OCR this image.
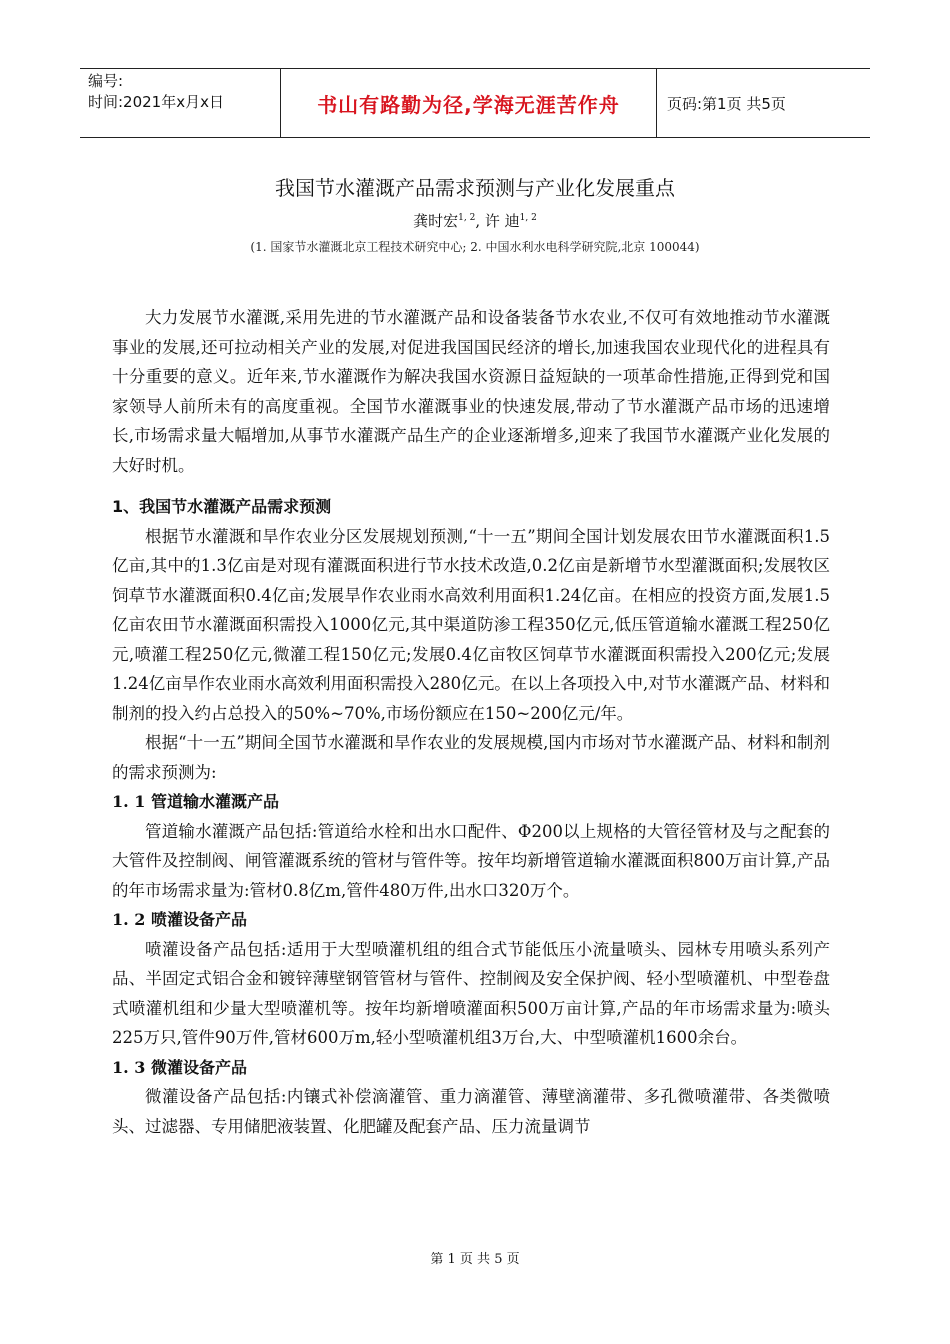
编号:
时间:2021年x月x日	书山有路勤为径,学海无涯苦作舟	页码:第1页 共5页
我国节水灌溉产品需求预测与产业化发展重点
龚时宏$^{1, 2}$, 许 迪$^{1, 2}$
(1. 国家节水灌溉北京工程技术研究中心; 2. 中国水利水电科学研究院,北京 100044)

大力发展节水灌溉,采用先进的节水灌溉产品和设备装备节水农业,不仅可有效地推动节水灌溉事业的发展,还可拉动相关产业的发展,对促进我国国民经济的增长,加速我国农业现代化的进程具有十分重要的意义。近年来,节水灌溉作为解决我国水资源日益短缺的一项革命性措施,正得到党和国家领导人前所未有的高度重视。全国节水灌溉事业的快速发展,带动了节水灌溉产品市场的迅速增长,市场需求量大幅增加,从事节水灌溉产品生产的企业逐渐增多,迎来了我国节水灌溉产业化发展的大好时机。

1、我国节水灌溉产品需求预测

根据节水灌溉和旱作农业分区发展规划预测,“十一五”期间全国计划发展农田节水灌溉面积1.5亿亩,其中的1.3亿亩是对现有灌溉面积进行节水技术改造,0.2亿亩是新增节水型灌溉面积;发展牧区饲草节水灌溉面积0.4亿亩;发展旱作农业雨水高效利用面积1.24亿亩。在相应的投资方面,发展1.5亿亩农田节水灌溉面积需投入1000亿元,其中渠道防渗工程350亿元,低压管道输水灌溉工程250亿元,喷灌工程250亿元,微灌工程150亿元;发展0.4亿亩牧区饲草节水灌溉面积需投入200亿元;发展1.24亿亩旱作农业雨水高效利用面积需投入280亿元。在以上各项投入中,对节水灌溉产品、材料和制剂的投入约占总投入的50%~70%,市场份额应在150~200亿元/年。

根据“十一五”期间全国节水灌溉和旱作农业的发展规模,国内市场对节水灌溉产品、材料和制剂的需求预测为:

1. 1 管道输水灌溉产品

管道输水灌溉产品包括:管道给水栓和出水口配件、Φ200以上规格的大管径管材及与之配套的大管件及控制阀、闸管灌溉系统的管材与管件等。按年均新增管道输水灌溉面积800万亩计算,产品的年市场需求量为:管材0.8亿m,管件480万件,出水口320万个。

1. 2 喷灌设备产品

喷灌设备产品包括:适用于大型喷灌机组的组合式节能低压小流量喷头、园林专用喷头系列产品、半固定式铝合金和镀锌薄壁钢管管材与管件、控制阀及安全保护阀、轻小型喷灌机、中型卷盘式喷灌机组和少量大型喷灌机等。按年均新增喷灌面积500万亩计算,产品的年市场需求量为:喷头225万只,管件90万件,管材600万m,轻小型喷灌机组3万台,大、中型喷灌机1600余台。

1. 3 微灌设备产品

微灌设备产品包括:内镶式补偿滴灌管、重力滴灌管、薄壁滴灌带、多孔微喷灌带、各类微喷头、过滤器、专用储肥液装置、化肥罐及配套产品、压力流量调节

第 1 页 共 5 页
